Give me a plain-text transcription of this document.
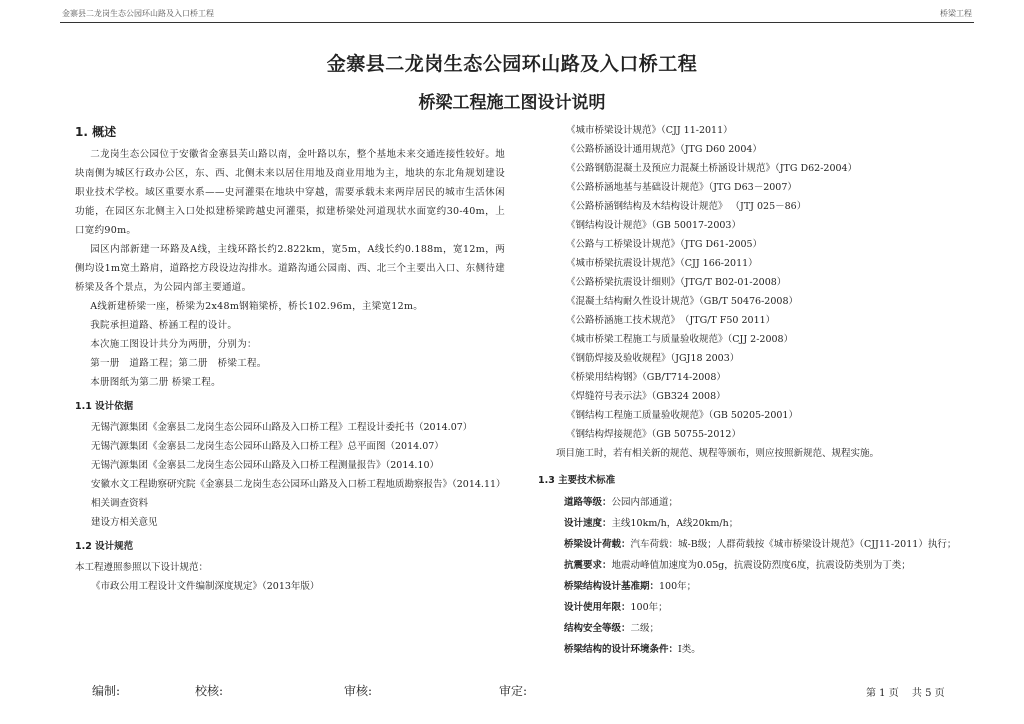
金寨县二龙岗生态公园环山路及入口桥工程	桥梁工程
金寨县二龙岗生态公园环山路及入口桥工程
桥梁工程施工图设计说明
1. 概述
二龙岗生态公园位于安徽省金寨县芙山路以南，金叶路以东，整个基地未来交通连接性较好。地块南侧为城区行政办公区，东、西、北侧未来以居住用地及商业用地为主，地块的东北角规划建设职业技术学校。域区重要水系——史河灌渠在地块中穿越，需要承载未来两岸居民的城市生活休闲功能，在园区东北侧主入口处拟建桥梁跨越史河灌渠，拟建桥梁处河道现状水面宽约30-40m，上口宽约90m。
园区内部新建一环路及A线，主线环路长约2.822km，宽5m，A线长约0.188m，宽12m，两侧均设1m宽土路肩，道路挖方段设边沟排水。道路沟通公园南、西、北三个主要出入口、东侧待建桥梁及各个景点，为公园内部主要通道。
A线新建桥梁一座，桥梁为2x48m钢箱梁桥，桥长102.96m，主梁宽12m。
我院承担道路、桥涵工程的设计。
本次施工图设计共分为两册，分别为：
第一册　道路工程；第二册　桥梁工程。
本册图纸为第二册 桥梁工程。
1.1 设计依据
无锡汽源集团《金寨县二龙岗生态公园环山路及入口桥工程》工程设计委托书（2014.07）
无锡汽源集团《金寨县二龙岗生态公园环山路及入口桥工程》总平面图（2014.07）
无锡汽源集团《金寨县二龙岗生态公园环山路及入口桥工程测量报告》（2014.10）
安徽水文工程勘察研究院《金寨县二龙岗生态公园环山路及入口桥工程地质勘察报告》（2014.11）
相关调查资料
建设方相关意见
1.2 设计规范
本工程遵照参照以下设计规范：
《市政公用工程设计文件编制深度规定》（2013年版）
《城市桥梁设计规范》（CJJ 11-2011）
《公路桥涵设计通用规范》（JTG D60 2004）
《公路钢筋混凝土及预应力混凝土桥涵设计规范》（JTG D62-2004）
《公路桥涵地基与基础设计规范》（JTG D63－2007）
《公路桥涵钢结构及木结构设计规范》 （JTJ 025－86）
《钢结构设计规范》（GB 50017-2003）
《公路与工桥梁设计规范》（JTG D61-2005）
《城市桥梁抗震设计规范》（CJJ 166-2011）
《公路桥梁抗震设计细则》（JTG/T B02-01-2008）
《混凝土结构耐久性设计规范》（GB/T 50476-2008）
《公路桥涵施工技术规范》　（JTG/T F50 2011）
《城市桥梁工程施工与质量验收规范》（CJJ 2-2008）
《钢筋焊接及验收规程》（JGJ18 2003）
《桥梁用结构钢》（GB/T714-2008）
《焊缝符号表示法》（GB324 2008）
《钢结构工程施工质量验收规范》（GB 50205-2001）
《钢结构焊接规范》（GB 50755-2012）
项目施工时，若有相关新的规范、规程等颁布，则应按照新规范、规程实施。
1.3 主要技术标准
道路等级：公园内部通道；
设计速度：主线10km/h，A线20km/h；
桥梁设计荷载：汽车荷载：城-B级；人群荷载按《城市桥梁设计规范》（CJJ11-2011）执行；
抗震要求：地震动峰值加速度为0.05g，抗震设防烈度6度，抗震设防类别为丁类；
桥梁结构设计基准期：100年；
设计使用年限：100年；
结构安全等级：二级；
桥梁结构的设计环境条件：Ⅰ类。
编制:	校核:	审核:	审定:	第 1 页　 共 5 页
